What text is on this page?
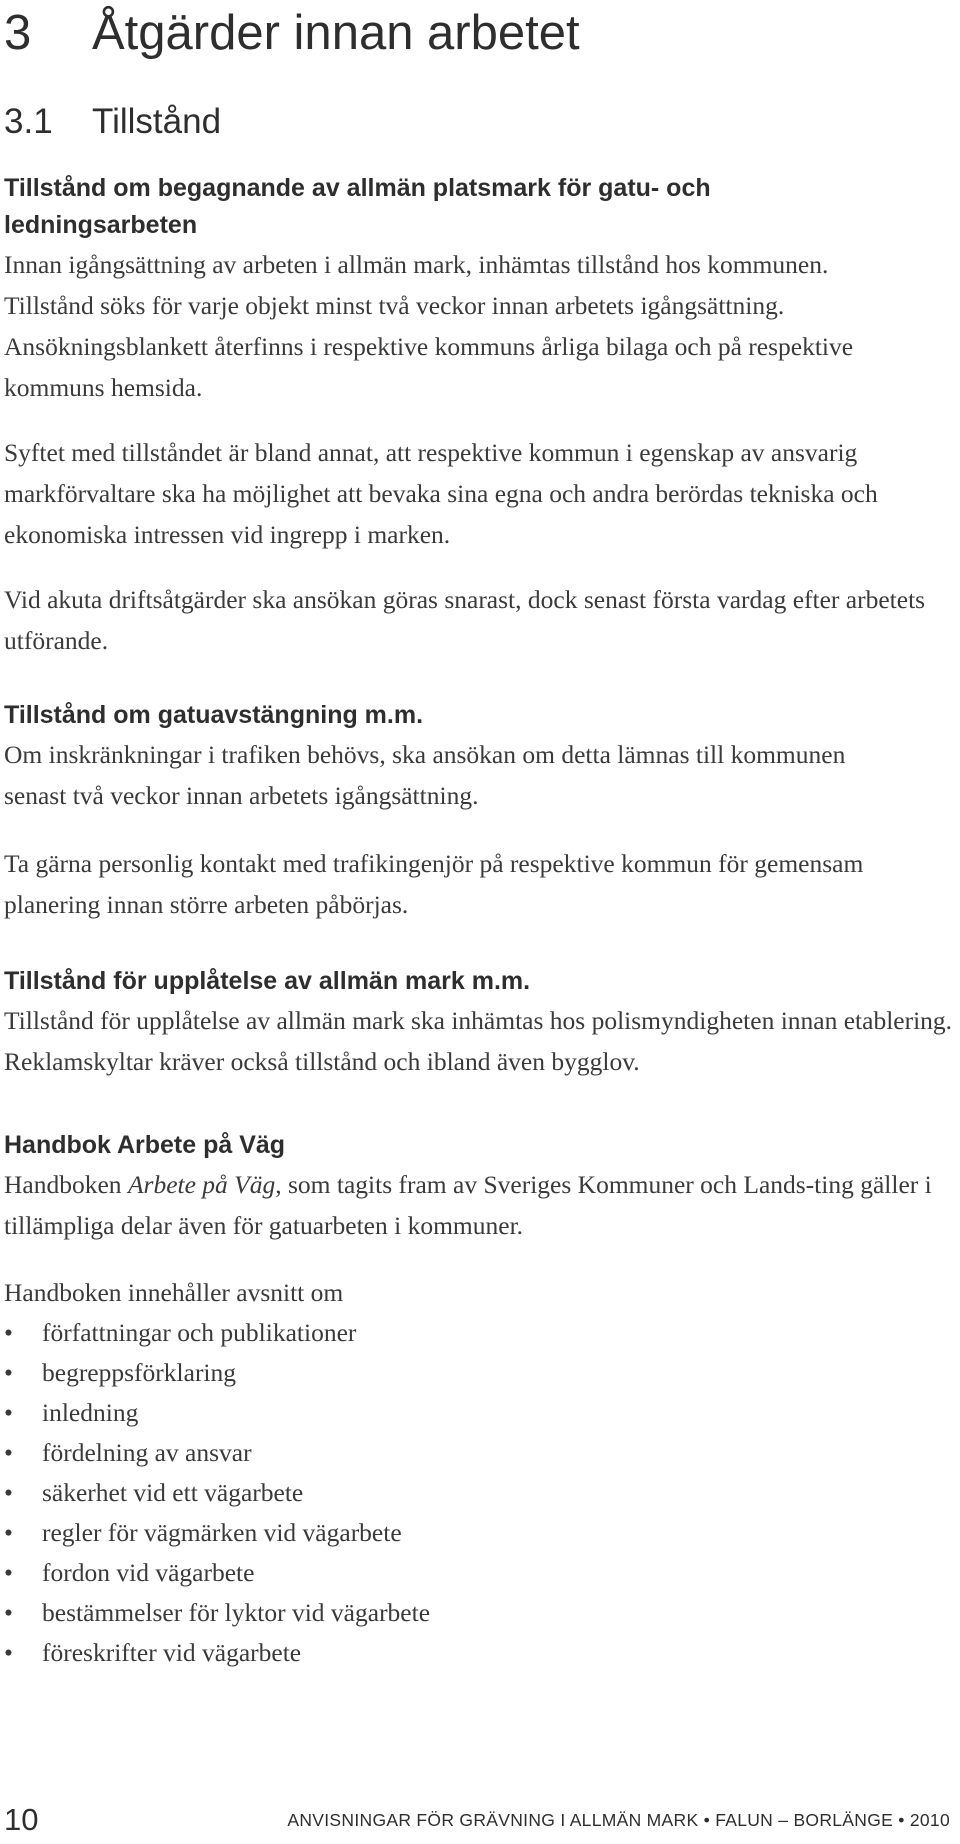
3 Åtgärder innan arbetet
3.1 Tillstånd

Tillstånd om begagnande av allmän platsmark för gatu- och ledningsarbeten

Innan igångsättning av arbeten i allmän mark, inhämtas tillstånd hos kommunen. Tillstånd söks för varje objekt minst två veckor innan arbetets igångsättning. Ansökningsblankett återfinns i respektive kommuns årliga bilaga och på respektive kommuns hemsida.

Syftet med tillståndet är bland annat, att respektive kommun i egenskap av ansvarig markförvaltare ska ha möjlighet att bevaka sina egna och andra berördas tekniska och ekonomiska intressen vid ingrepp i marken.

Vid akuta driftsåtgärder ska ansökan göras snarast, dock senast första vardag efter arbetets utförande.

Tillstånd om gatuavstängning m.m.

Om inskränkningar i trafiken behövs, ska ansökan om detta lämnas till kommunen senast två veckor innan arbetets igångsättning.

Ta gärna personlig kontakt med trafikingenjör på respektive kommun för gemensam planering innan större arbeten påbörjas.

Tillstånd för upplåtelse av allmän mark m.m.

Tillstånd för upplåtelse av allmän mark ska inhämtas hos polismyndigheten innan etablering. Reklamskyltar kräver också tillstånd och ibland även bygglov.

Handbok Arbete på Väg

Handboken Arbete på Väg, som tagits fram av Sveriges Kommuner och Lands-ting gäller i tillämpliga delar även för gatuarbeten i kommuner.

Handboken innehåller avsnitt om

• författningar och publikationer
• begreppsförklaring
• inledning
• fördelning av ansvar
• säkerhet vid ett vägarbete
• regler för vägmärken vid vägarbete
• fordon vid vägarbete
• bestämmelser för lyktor vid vägarbete
• föreskrifter vid vägarbete
10	ANVISNINGAR FÖR GRÄVNING I ALLMÄN MARK • FALUN – BORLÄNGE • 2010
